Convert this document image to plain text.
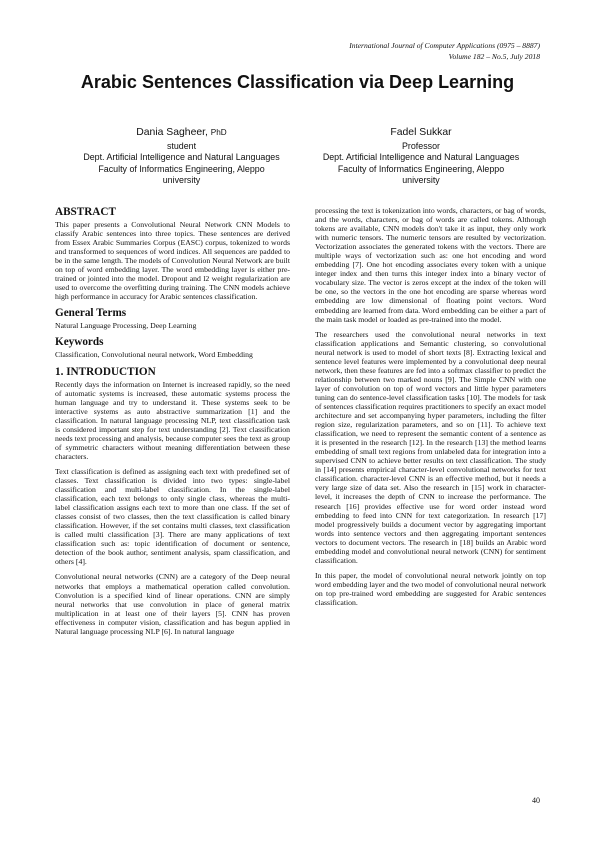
International Journal of Computer Applications (0975 – 8887)
Volume 182 – No.5, July 2018
Arabic Sentences Classification via Deep Learning
Dania Sagheer, PhD
student
Dept. Artificial Intelligence and Natural Languages
Faculty of Informatics Engineering, Aleppo
university
Fadel Sukkar
Professor
Dept. Artificial Intelligence and Natural Languages
Faculty of Informatics Engineering, Aleppo
university
ABSTRACT

This paper presents a Convolutional Neural Network CNN Models to classify Arabic sentences into three topics. These sentences are derived from Essex Arabic Summaries Corpus (EASC) corpus, tokenized to words and transformed to sequences of word indices. All sequences are padded to be in the same length. The models of Convolution Neural Network are built on top of word embedding layer. The word embedding layer is either pre-trained or jointed into the model. Dropout and l2 weight regularization are used to overcome the overfitting during training. The CNN models achieve high performance in accuracy for Arabic sentences classification.

General Terms

Natural Language Processing, Deep Learning

Keywords

Classification, Convolutional neural network, Word Embedding

1. INTRODUCTION

Recently days the information on Internet is increased rapidly, so the need of automatic systems is increased, these automatic systems process the human language and try to understand it. These systems seek to be interactive systems as auto abstractive summarization [1] and the classification. In natural language processing NLP, text classification task is considered important step for text understanding [2]. Text classification needs text processing and analysis, because computer sees the text as group of symmetric characters without meaning differentiation between these characters.

Text classification is defined as assigning each text with predefined set of classes. Text classification is divided into two types: single-label classification and multi-label classification. In the single-label classification, each text belongs to only single class, whereas the multi-label classification assigns each text to more than one class. If the set of classes consist of two classes, then the text classification is called binary classification. However, if the set contains multi classes, text classification is called multi classification [3]. There are many applications of text classification such as: topic identification of document or sentence, detection of the book author, sentiment analysis, spam classification, and others [4].

Convolutional neural networks (CNN) are a category of the Deep neural networks that employs a mathematical operation called convolution. Convolution is a specified kind of linear operations. CNN are simply neural networks that use convolution in place of general matrix multiplication in at least one of their layers [5]. CNN has proven effectiveness in computer vision, classification and has begun applied in Natural language processing NLP [6]. In natural language

processing the text is tokenization into words, characters, or bag of words, and the words, characters, or bag of words are called tokens. Although tokens are available, CNN models don't take it as input, they only work with numeric tensors. The numeric tensors are resulted by vectorization. Vectorization associates the generated tokens with the vectors. There are multiple ways of vectorization such as: one hot encoding and word embedding [7]. One hot encoding associates every token with a unique integer index and then turns this integer index into a binary vector of vocabulary size. The vector is zeros except at the index of the token will be one, so the vectors in the one hot encoding are sparse whereas word embedding are low dimensional of floating point vectors. Word embedding are learned from data. Word embedding can be either a part of the main task model or loaded as pre-trained into the model.

The researchers used the convolutional neural networks in text classification applications and Semantic clustering, so convolutional neural network is used to model of short texts [8]. Extracting lexical and sentence level features were implemented by a convolutional deep neural network, then these features are fed into a softmax classifier to predict the relationship between two marked nouns [9]. The Simple CNN with one layer of convolution on top of word vectors and little hyper parameters tuning can do sentence-level classification tasks [10]. The models for task of sentences classification requires practitioners to specify an exact model architecture and set accompanying hyper parameters, including the filter region size, regularization parameters, and so on [11]. To achieve text classification, we need to represent the semantic content of a sentence as it is presented in the research [12]. In the research [13] the method learns embedding of small text regions from unlabeled data for integration into a supervised CNN to achieve better results on text classification. The study in [14] presents empirical character-level convolutional networks for text classification. character-level CNN is an effective method, but it needs a very large size of data set. Also the research in [15] work in character-level, it increases the depth of CNN to increase the performance. The research [16] provides effective use for word order instead word embedding to feed into CNN for text categorization. In research [17] model progressively builds a document vector by aggregating important words into sentence vectors and then aggregating important sentences vectors to document vectors. The research in [18] builds an Arabic word embedding model and convolutional neural network (CNN) for sentiment classification.

In this paper, the model of convolutional neural network jointly on top word embedding layer and the two model of convolutional neural network on top pre-trained word embedding are suggested for Arabic sentences classification.

40
